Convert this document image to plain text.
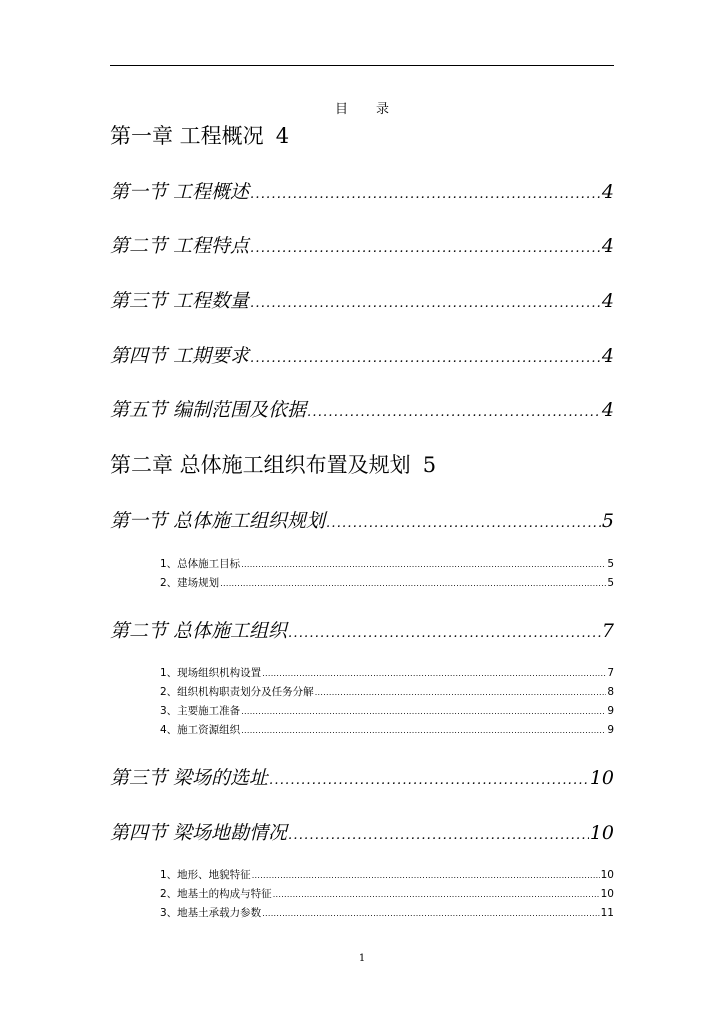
目 录
第一章 工程概况 4
第一节 工程概述 .....	4
第二节 工程特点 .....	4
第三节 工程数量 .....	4
第四节 工期要求 .....	4
第五节 编制范围及依据 .....	4
第二章 总体施工组织布置及规划 5
第一节 总体施工组织规划 .....	5
1、总体施工目标 .....	5
2、建场规划 .....	5
第二节 总体施工组织 .....	7
1、现场组织机构设置 .....	7
2、组织机构职责划分及任务分解 .....	8
3、主要施工准备 .....	9
4、施工资源组织 .....	9
第三节 梁场的选址 .....	10
第四节 梁场地勘情况 .....	10
1、地形、地貌特征 .....	10
2、地基土的构成与特征 .....	10
3、地基土承载力参数 .....	11
1
